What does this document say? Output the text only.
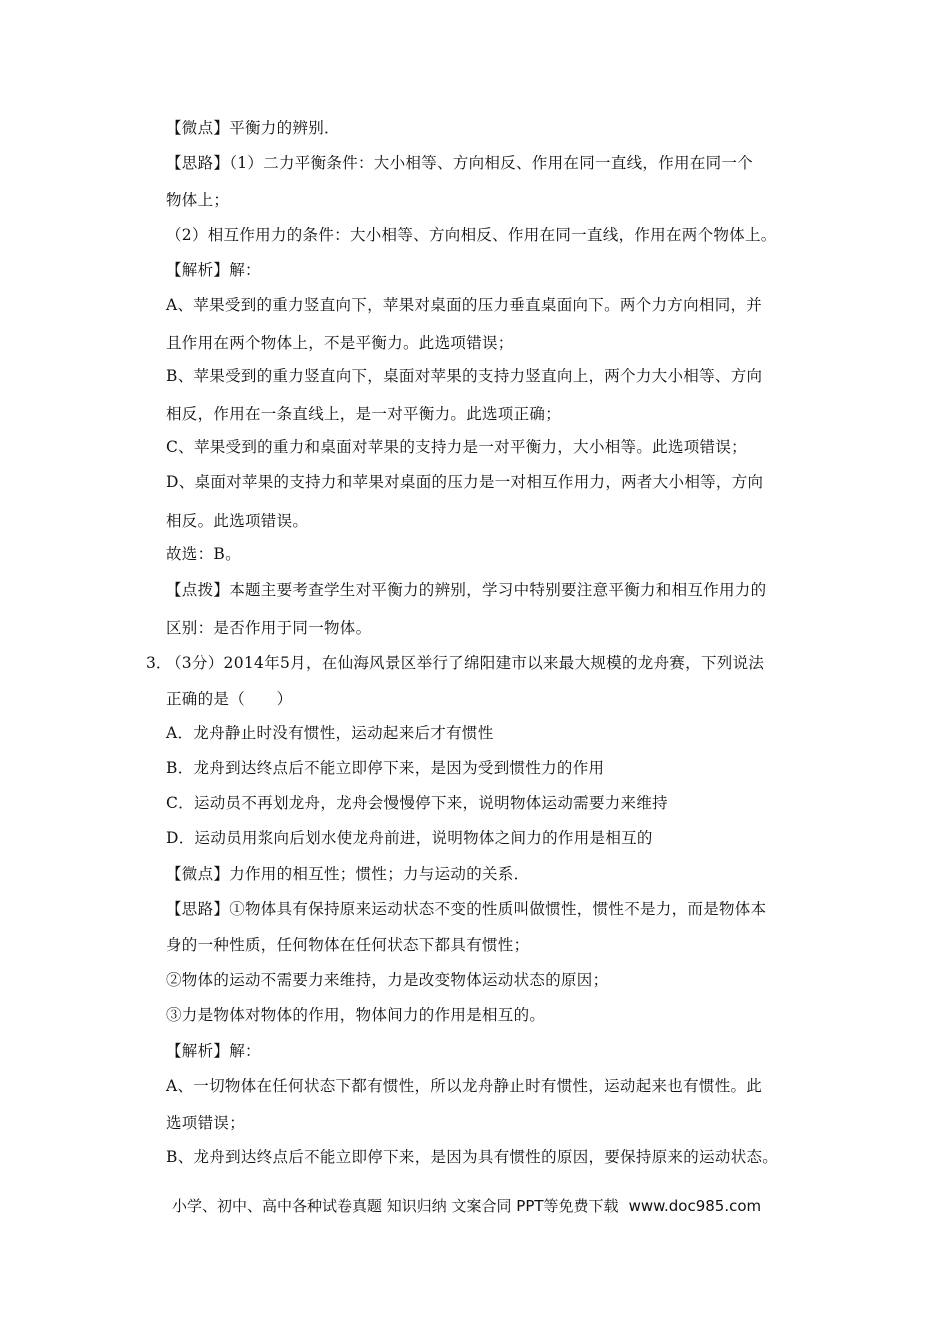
【微点】平衡力的辨别．
【思路】（1）二力平衡条件：大小相等、方向相反、作用在同一直线，作用在同一个
物体上；
（2）相互作用力的条件：大小相等、方向相反、作用在同一直线，作用在两个物体上。
【解析】解：
A、苹果受到的重力竖直向下，苹果对桌面的压力垂直桌面向下。两个力方向相同，并
且作用在两个物体上，不是平衡力。此选项错误；
B、苹果受到的重力竖直向下，桌面对苹果的支持力竖直向上，两个力大小相等、方向
相反，作用在一条直线上，是一对平衡力。此选项正确；
C、苹果受到的重力和桌面对苹果的支持力是一对平衡力，大小相等。此选项错误；
D、桌面对苹果的支持力和苹果对桌面的压力是一对相互作用力，两者大小相等，方向
相反。此选项错误。
故选：B。
【点拨】本题主要考查学生对平衡力的辨别，学习中特别要注意平衡力和相互作用力的
区别：是否作用于同一物体。
3．
（3分）2014年5月，在仙海风景区举行了绵阳建市以来最大规模的龙舟赛，下列说法
正确的是（　　）
A．龙舟静止时没有惯性，运动起来后才有惯性
B．龙舟到达终点后不能立即停下来，是因为受到惯性力的作用
C．运动员不再划龙舟，龙舟会慢慢停下来，说明物体运动需要力来维持
D．运动员用浆向后划水使龙舟前进，说明物体之间力的作用是相互的
【微点】力作用的相互性；惯性；力与运动的关系．
【思路】①物体具有保持原来运动状态不变的性质叫做惯性，惯性不是力，而是物体本
身的一种性质，任何物体在任何状态下都具有惯性；
②物体的运动不需要力来维持，力是改变物体运动状态的原因；
③力是物体对物体的作用，物体间力的作用是相互的。
【解析】解：
A、一切物体在任何状态下都有惯性，所以龙舟静止时有惯性，运动起来也有惯性。此
选项错误；
B、龙舟到达终点后不能立即停下来，是因为具有惯性的原因，要保持原来的运动状态。
小学、初中、高中各种试卷真题 知识归纳 文案合同 PPT等免费下载 www.doc985.com
